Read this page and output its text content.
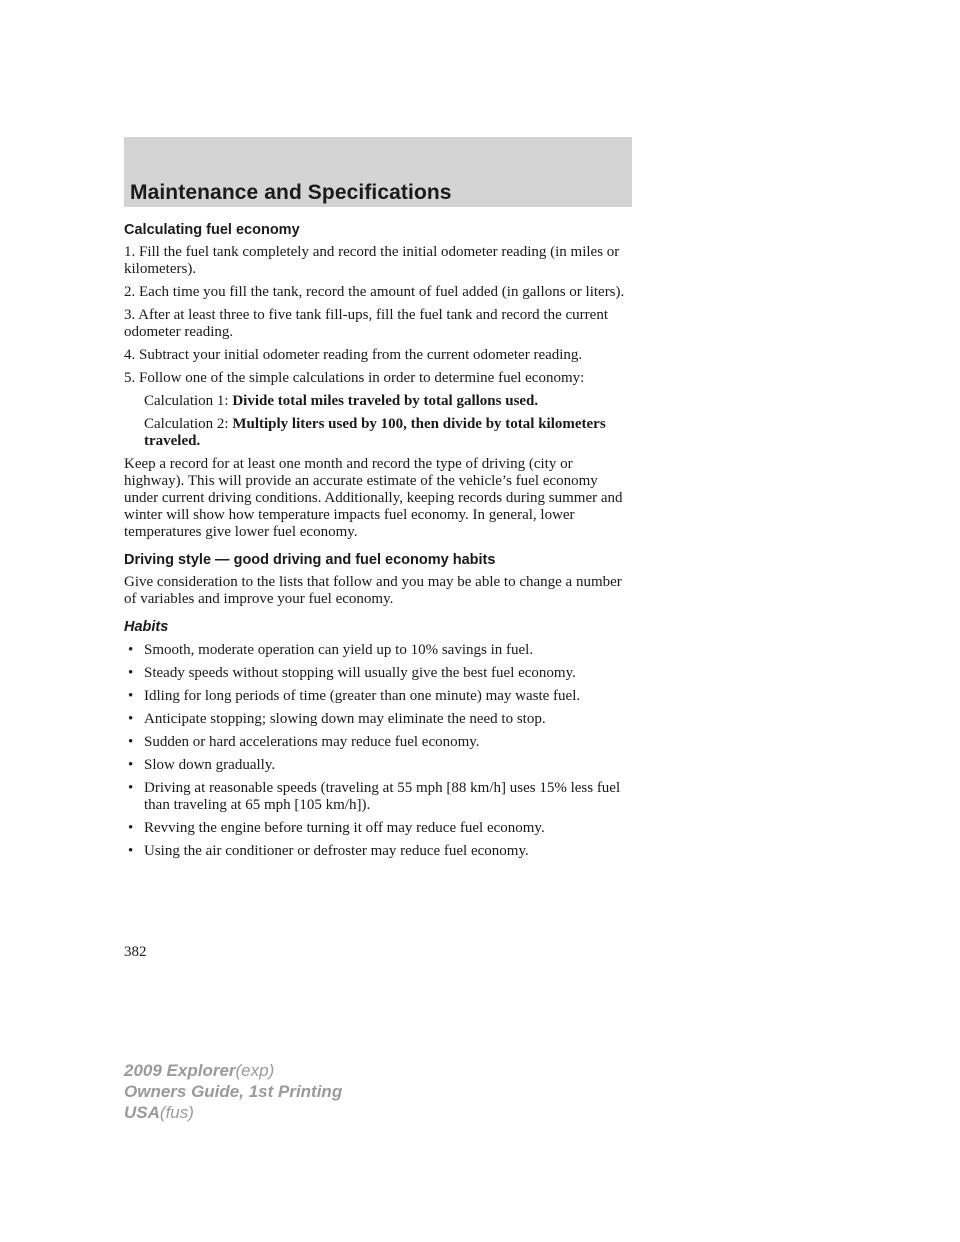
Maintenance and Specifications
Calculating fuel economy
1. Fill the fuel tank completely and record the initial odometer reading (in miles or kilometers).
2. Each time you fill the tank, record the amount of fuel added (in gallons or liters).
3. After at least three to five tank fill-ups, fill the fuel tank and record the current odometer reading.
4. Subtract your initial odometer reading from the current odometer reading.
5. Follow one of the simple calculations in order to determine fuel economy:
Calculation 1: Divide total miles traveled by total gallons used.
Calculation 2: Multiply liters used by 100, then divide by total kilometers traveled.
Keep a record for at least one month and record the type of driving (city or highway). This will provide an accurate estimate of the vehicle’s fuel economy under current driving conditions. Additionally, keeping records during summer and winter will show how temperature impacts fuel economy. In general, lower temperatures give lower fuel economy.
Driving style — good driving and fuel economy habits
Give consideration to the lists that follow and you may be able to change a number of variables and improve your fuel economy.
Habits
• Smooth, moderate operation can yield up to 10% savings in fuel.
• Steady speeds without stopping will usually give the best fuel economy.
• Idling for long periods of time (greater than one minute) may waste fuel.
• Anticipate stopping; slowing down may eliminate the need to stop.
• Sudden or hard accelerations may reduce fuel economy.
• Slow down gradually.
• Driving at reasonable speeds (traveling at 55 mph [88 km/h] uses 15% less fuel than traveling at 65 mph [105 km/h]).
• Revving the engine before turning it off may reduce fuel economy.
• Using the air conditioner or defroster may reduce fuel economy.
382
2009 Explorer(exp)
Owners Guide, 1st Printing
USA(fus)
